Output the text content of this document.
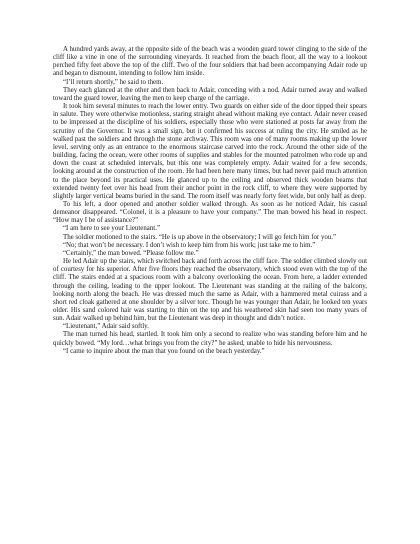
A hundred yards away, at the opposite side of the beach was a wooden guard tower clinging to the side of the cliff like a vine in one of the surrounding vineyards. It reached from the beach floor, all the way to a lookout perched fifty feet above the top of the cliff. Two of the four soldiers that had been accompanying Adair rode up and began to dismount, intending to follow him inside.

“I’ll return shortly,” he said to them.

They each glanced at the other and then back to Adair, conceding with a nod. Adair turned away and walked toward the guard tower, leaving the men to keep charge of the carriage.

It took him several minutes to reach the lower entry. Two guards on either side of the door tipped their spears in salute. They were otherwise motionless, staring straight ahead without making eye contact. Adair never ceased to be impressed at the discipline of his soldiers, especially those who were stationed at posts far away from the scrutiny of the Governor. It was a small sign, but it confirmed his success at ruling the city. He smiled as he walked past the soldiers and through the stone archway. This room was one of many rooms making up the lower level, serving only as an entrance to the enormous staircase carved into the rock. Around the other side of the building, facing the ocean, were other rooms of supplies and stables for the mounted patrolmen who rode up and down the coast at scheduled intervals, but this one was completely empty. Adair waited for a few seconds, looking around at the construction of the room. He had been here many times, but had never paid much attention to the place beyond its practical uses. He glanced up to the ceiling and observed thick wooden beams that extended twenty feet over his head from their anchor point in the rock cliff, to where they were supported by slightly larger vertical beams buried in the sand. The room itself was nearly forty feet wide, but only half as deep.

To his left, a door opened and another soldier walked through. As soon as he noticed Adair, his casual demeanor disappeared. “Colonel, it is a pleasure to have your company.” The man bowed his head in respect. “How may I be of assistance?”

“I am here to see your Lieutenant.”

The soldier motioned to the stairs. “He is up above in the observatory; I will go fetch him for you.”

“No; that won’t be necessary. I don’t wish to keep him from his work; just take me to him.”

“Certainly,” the man bowed. “Please follow me.”

He led Adair up the stairs, which switched back and forth across the cliff face. The soldier climbed slowly out of courtesy for his superior. After five floors they reached the observatory, which stood even with the top of the cliff. The stairs ended at a spacious room with a balcony overlooking the ocean. From here, a ladder extended through the ceiling, leading to the upper lookout. The Lieutenant was standing at the railing of the balcony, looking north along the beach. He was dressed much the same as Adair, with a hammered metal cuirass and a short red cloak gathered at one shoulder by a silver torc. Though he was younger than Adair, he looked ten years older. His sand colored hair was starting to thin on the top and his weathered skin had seen too many years of sun. Adair walked up behind him, but the Lieutenant was deep in thought and didn’t notice.

“Lieutenant,” Adair said softly.

The man turned his head, startled. It took him only a second to realize who was standing before him and he quickly bowed. “My lord…what brings you from the city?” he asked, unable to hide his nervousness.

“I came to inquire about the man that you found on the beach yesterday.”
